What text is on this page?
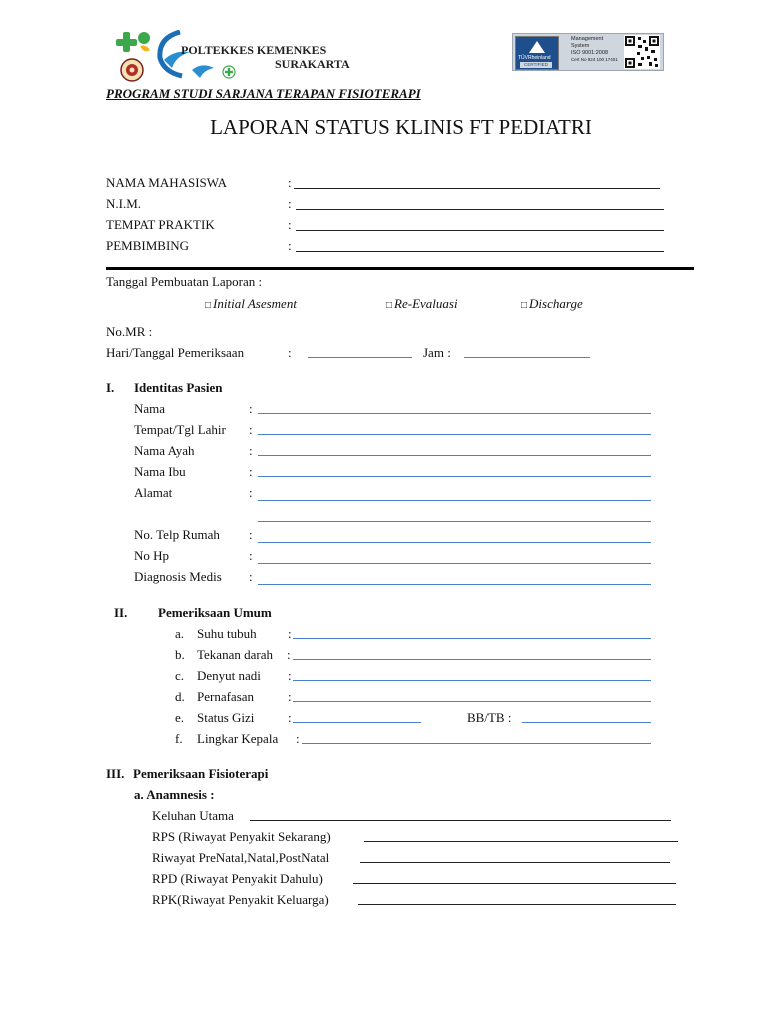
POLTEKKES KEMENKES
SURAKARTA	TÜVRheinland
CERTIFIED
Management
System
ISO 9001:2008
Cert No 824 100 17401
PROGRAM STUDI SARJANA TERAPAN FISIOTERAPI
LAPORAN STATUS KLINIS FT PEDIATRI
NAMA MAHASISWA	:
N.I.M.	:
TEMPAT PRAKTIK	:
PEMBIMBING	:
Tanggal Pembuatan Laporan :
□ Initial Asesment	□ Re-Evaluasi	□ Discharge
No.MR :
Hari/Tanggal Pemeriksaan	:	Jam :
I. Identitas Pasien
Nama	:
Tempat/Tgl Lahir :
Nama Ayah	:
Nama Ibu	:
Alamat	:
No. Telp Rumah :
No Hp	:
Diagnosis Medis :
II. Pemeriksaan Umum
a. Suhu tubuh :
b. Tekanan darah :
c. Denyut nadi :
d. Pernafasan	:
e. Status Gizi	:	BB/TB :
f. Lingkar Kepala :
III. Pemeriksaan Fisioterapi
a. Anamnesis :
Keluhan Utama
RPS (Riwayat Penyakit Sekarang)
Riwayat PreNatal,Natal,PostNatal
RPD (Riwayat Penyakit Dahulu)
RPK(Riwayat Penyakit Keluarga)
